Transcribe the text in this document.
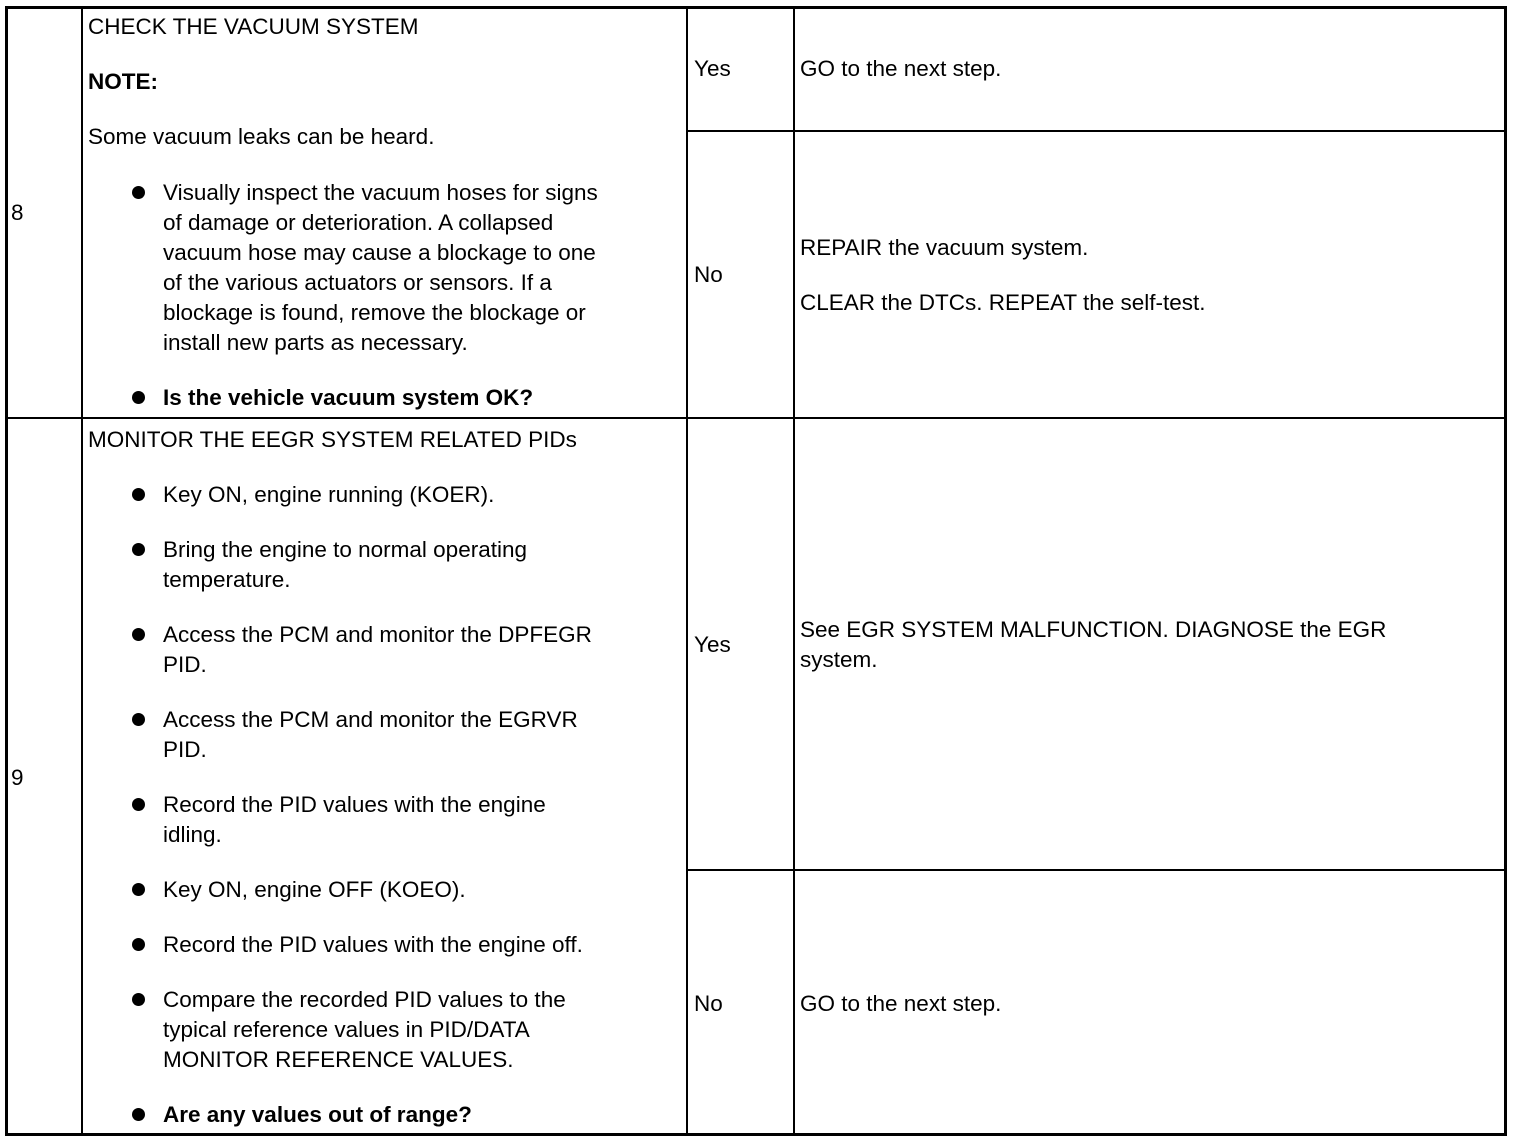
8

CHECK THE VACUUM SYSTEM

NOTE:

Some vacuum leaks can be heard.

Visually inspect the vacuum hoses for signs
of damage or deterioration. A collapsed
vacuum hose may cause a blockage to one
of the various actuators or sensors. If a
blockage is found, remove the blockage or
install new parts as necessary.

Is the vehicle vacuum system OK?

Yes	GO to the next step.

No

REPAIR the vacuum system.

CLEAR the DTCs. REPEAT the self-test.

9

MONITOR THE EEGR SYSTEM RELATED PIDs

Key ON, engine running (KOER).

Bring the engine to normal operating
temperature.

Access the PCM and monitor the DPFEGR
PID.

Access the PCM and monitor the EGRVR
PID.

Record the PID values with the engine
idling.

Key ON, engine OFF (KOEO).

Record the PID values with the engine off.

Compare the recorded PID values to the
typical reference values in PID/DATA
MONITOR REFERENCE VALUES.

Are any values out of range?

Yes

See EGR SYSTEM MALFUNCTION. DIAGNOSE the EGR
system.

No	GO to the next step.
